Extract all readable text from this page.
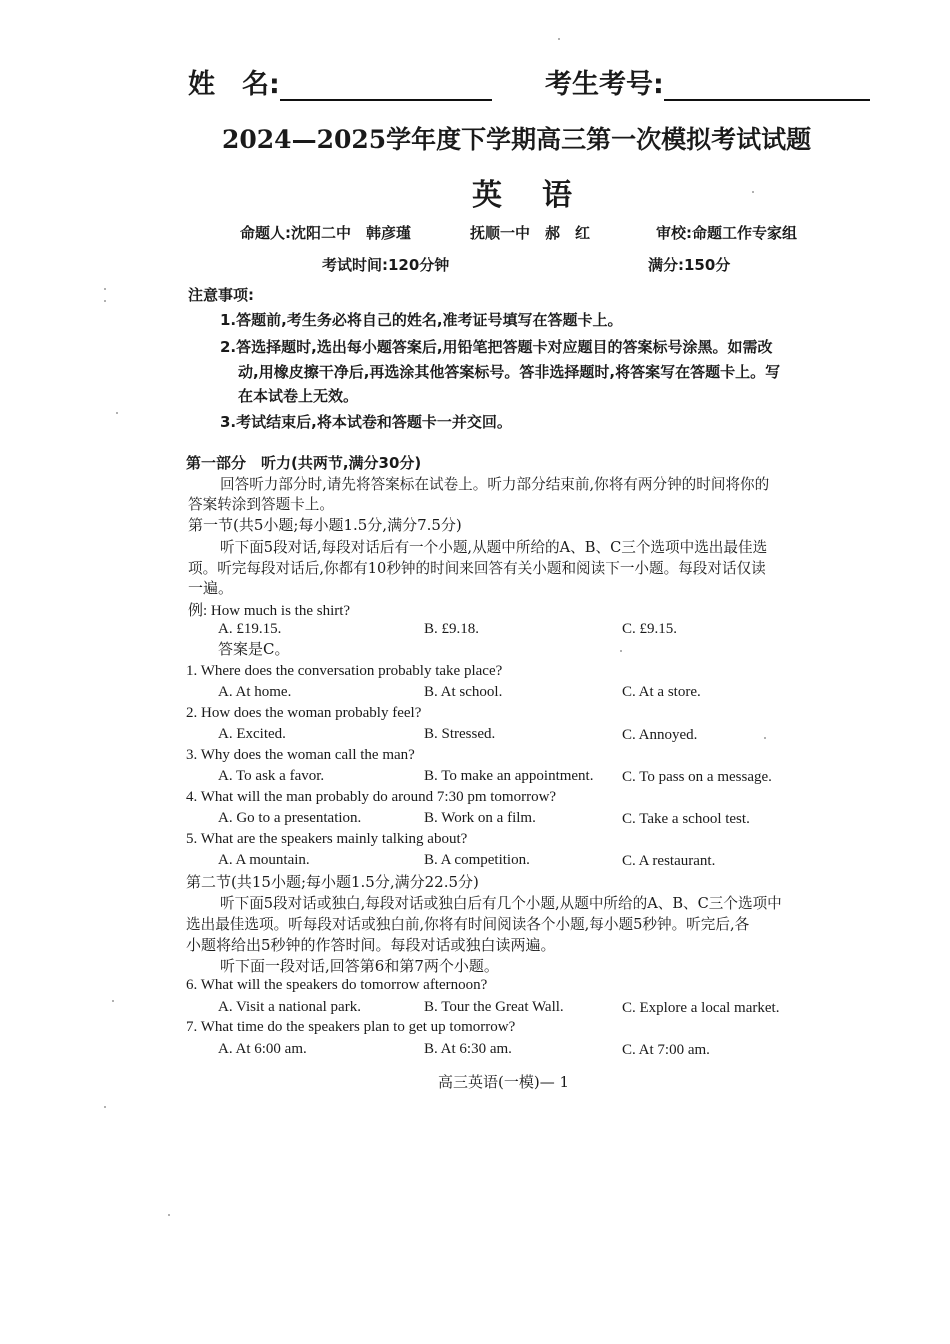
姓　名:	考生考号:
2024—2025学年度下学期高三第一次模拟考试试题
英语
命题人:沈阳二中　韩彦瑾	抚顺一中　郝　红	审校:命题工作专家组
考试时间:120分钟	满分:150分
注意事项:
1.答题前,考生务必将自己的姓名,准考证号填写在答题卡上。
2.答选择题时,选出每小题答案后,用铅笔把答题卡对应题目的答案标号涂黑。如需改
动,用橡皮擦干净后,再选涂其他答案标号。答非选择题时,将答案写在答题卡上。写
在本试卷上无效。
3.考试结束后,将本试卷和答题卡一并交回。
第一部分　听力(共两节,满分30分)
回答听力部分时,请先将答案标在试卷上。听力部分结束前,你将有两分钟的时间将你的
答案转涂到答题卡上。
第一节(共5小题;每小题1.5分,满分7.5分)
听下面5段对话,每段对话后有一个小题,从题中所给的A、B、C三个选项中选出最佳选
项。听完每段对话后,你都有10秒钟的时间来回答有关小题和阅读下一小题。每段对话仅读
一遍。
例: How much is the shirt?
A. £19.15.	B. £9.18.	C. £9.15.
答案是C。
1. Where does the conversation probably take place?
A. At home.	B. At school.	C. At a store.
2. How does the woman probably feel?
A. Excited.	B. Stressed.	C. Annoyed.
3. Why does the woman call the man?
A. To ask a favor.	B. To make an appointment. C. To pass on a message.
4. What will the man probably do around 7:30 pm tomorrow?
A. Go to a presentation.	B. Work on a film.	C. Take a school test.
5. What are the speakers mainly talking about?
A. A mountain.	B. A competition.	C. A restaurant.
第二节(共15小题;每小题1.5分,满分22.5分)
听下面5段对话或独白,每段对话或独白后有几个小题,从题中所给的A、B、C三个选项中
选出最佳选项。听每段对话或独白前,你将有时间阅读各个小题,每小题5秒钟。听完后,各
小题将给出5秒钟的作答时间。每段对话或独白读两遍。
听下面一段对话,回答第6和第7两个小题。
6. What will the speakers do tomorrow afternoon?
A. Visit a national park.	B. Tour the Great Wall.	C. Explore a local market.
7. What time do the speakers plan to get up tomorrow?
A. At 6:00 am.	B. At 6:30 am.	C. At 7:00 am.
高三英语(一模)— 1
